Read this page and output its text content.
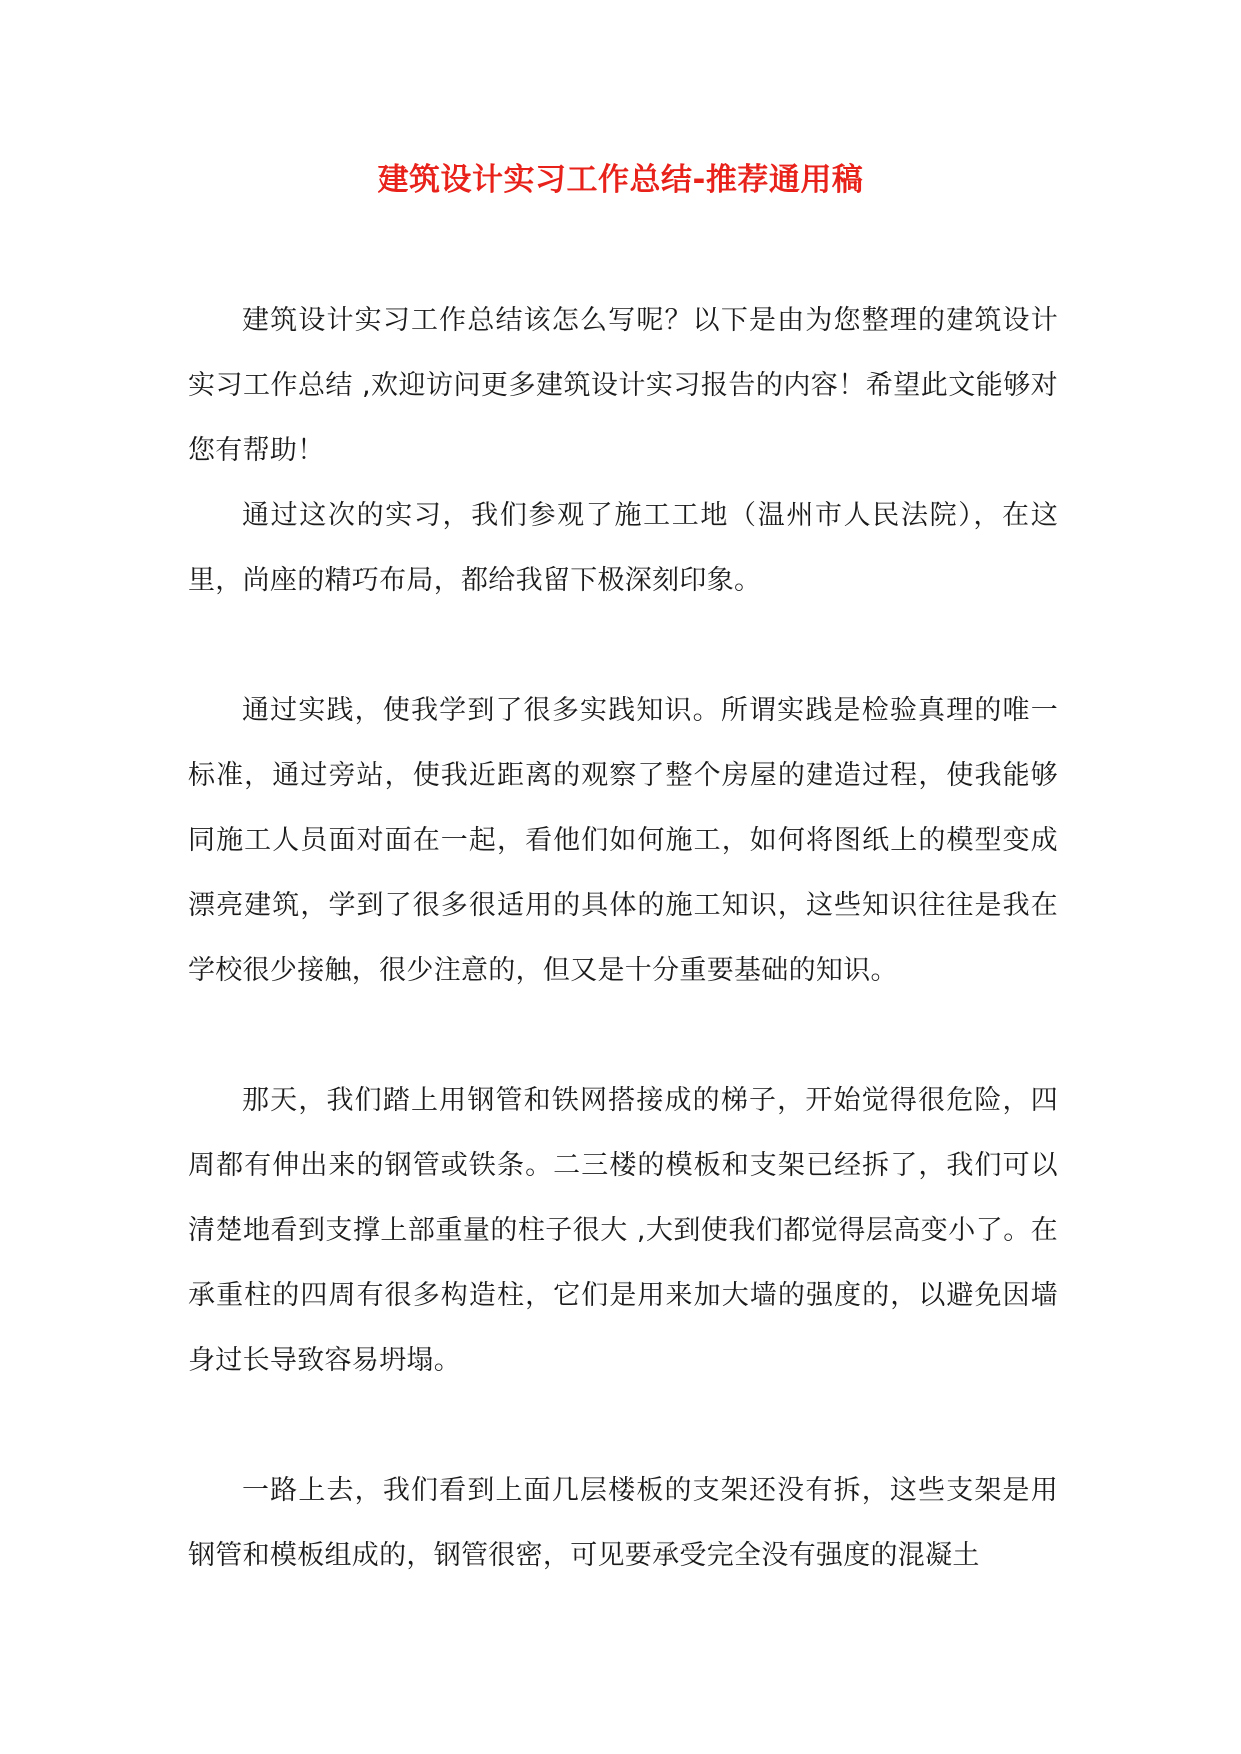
建筑设计实习工作总结-推荐通用稿

建筑设计实习工作总结该怎么写呢？以下是由为您整理的建筑设计实习工作总结 ,欢迎访问更多建筑设计实习报告的内容！希望此文能够对您有帮助！

通过这次的实习，我们参观了施工工地（温州市人民法院），在这里，尚座的精巧布局，都给我留下极深刻印象。

通过实践，使我学到了很多实践知识。所谓实践是检验真理的唯一标准，通过旁站，使我近距离的观察了整个房屋的建造过程，使我能够同施工人员面对面在一起，看他们如何施工，如何将图纸上的模型变成漂亮建筑，学到了很多很适用的具体的施工知识，这些知识往往是我在学校很少接触，很少注意的，但又是十分重要基础的知识。

那天，我们踏上用钢管和铁网搭接成的梯子，开始觉得很危险，四周都有伸出来的钢管或铁条。二三楼的模板和支架已经拆了，我们可以清楚地看到支撑上部重量的柱子很大 ,大到使我们都觉得层高变小了。在承重柱的四周有很多构造柱，它们是用来加大墙的强度的，以避免因墙身过长导致容易坍塌。

一路上去，我们看到上面几层楼板的支架还没有拆，这些支架是用钢管和模板组成的，钢管很密，可见要承受完全没有强度的混凝土
